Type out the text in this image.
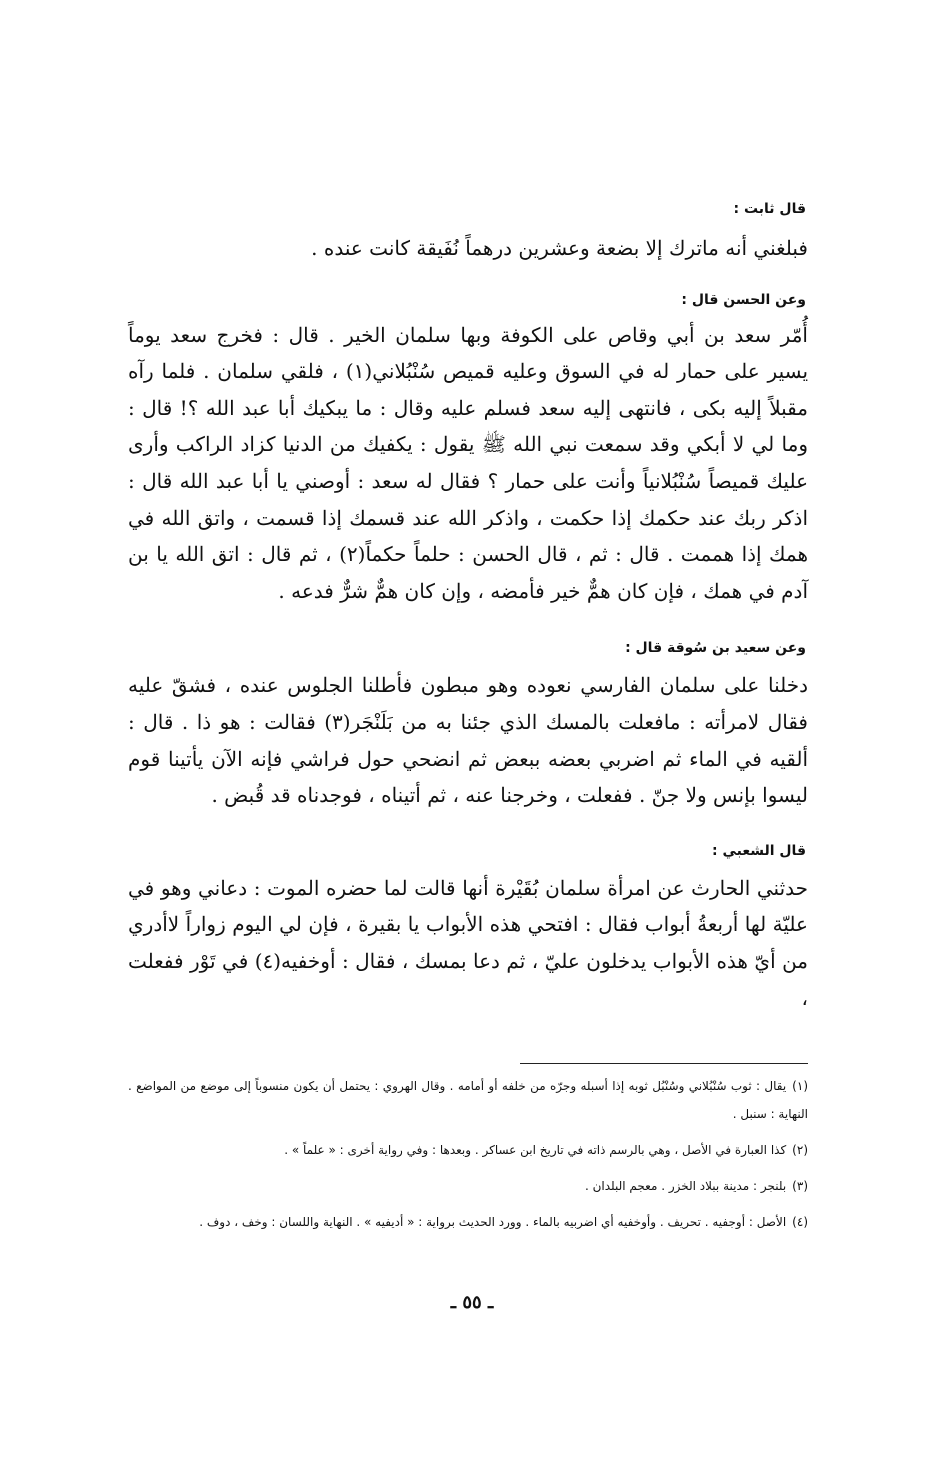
قال ثابت :

فبلغني أنه ماترك إلا بضعة وعشرين درهماً نُفَيقة كانت عنده .

وعن الحسن قال :

أُمّر سعد بن أبي وقاص على الكوفة وبها سلمان الخير . قال : فخرج سعد يوماً يسير على حمار له في السوق وعليه قميص سُنْبُلاني(١) ، فلقي سلمان . فلما رآه مقبلاً إليه بكى ، فانتهى إليه سعد فسلم عليه وقال : ما يبكيك أبا عبد الله ؟! قال : وما لي لا أبكي وقد سمعت نبي الله ﷺ يقول : يكفيك من الدنيا كزاد الراكب وأرى عليك قميصاً سُنْبُلانياً وأنت على حمار ؟ فقال له سعد : أوصني يا أبا عبد الله قال : اذكر ربك عند حكمك إذا حكمت ، واذكر الله عند قسمك إذا قسمت ، واتق الله في همك إذا هممت . قال : ثم ، قال الحسن : حلماً حكماً(٢) ، ثم قال : اتق الله يا بن آدم في همك ، فإن كان همٌّ خير فأمضه ، وإن كان همٌّ شرٌّ فدعه .

وعن سعيد بن سُوقة قال :

دخلنا على سلمان الفارسي نعوده وهو مبطون فأطلنا الجلوس عنده ، فشقّ عليه فقال لامرأته : مافعلت بالمسك الذي جئنا به من بَلَنْجَر(٣) فقالت : هو ذا . قال : ألقيه في الماء ثم اضربي بعضه ببعض ثم انضحي حول فراشي فإنه الآن يأتينا قوم ليسوا بإنس ولا جنّ . ففعلت ، وخرجنا عنه ، ثم أتيناه ، فوجدناه قد قُبض .

قال الشعبي :

حدثني الحارث عن امرأة سلمان بُقَيْرة أنها قالت لما حضره الموت : دعاني وهو في عليّة لها أربعةُ أبواب فقال : افتحي هذه الأبواب يا بقيرة ، فإن لي اليوم زواراً لاأدري من أيّ هذه الأبواب يدخلون عليّ ، ثم دعا بمسك ، فقال : أوخفيه(٤) في تَوْر ففعلت ،

(١)يقال : ثوب سُنْبُلاني وسُنْبُل ثوبه إذا أسبله وجرّه من خلفه أو أمامه . وقال الهروي : يحتمل أن يكون منسوباً إلى موضع من المواضع . النهاية : سنبل .

(٢)كذا العبارة في الأصل ، وهي بالرسم ذاته في تاريخ ابن عساكر . وبعدها : وفي رواية أخرى : « علماً » .

(٣)بلنجر : مدينة ببلاد الخزر . معجم البلدان .

(٤)الأصل : أوجفيه . تحريف . وأوخفيه أي اضربيه بالماء . وورد الحديث برواية : « أديفيه » . النهاية واللسان : وخف ، دوف .

ـ ٥٥ ـ
